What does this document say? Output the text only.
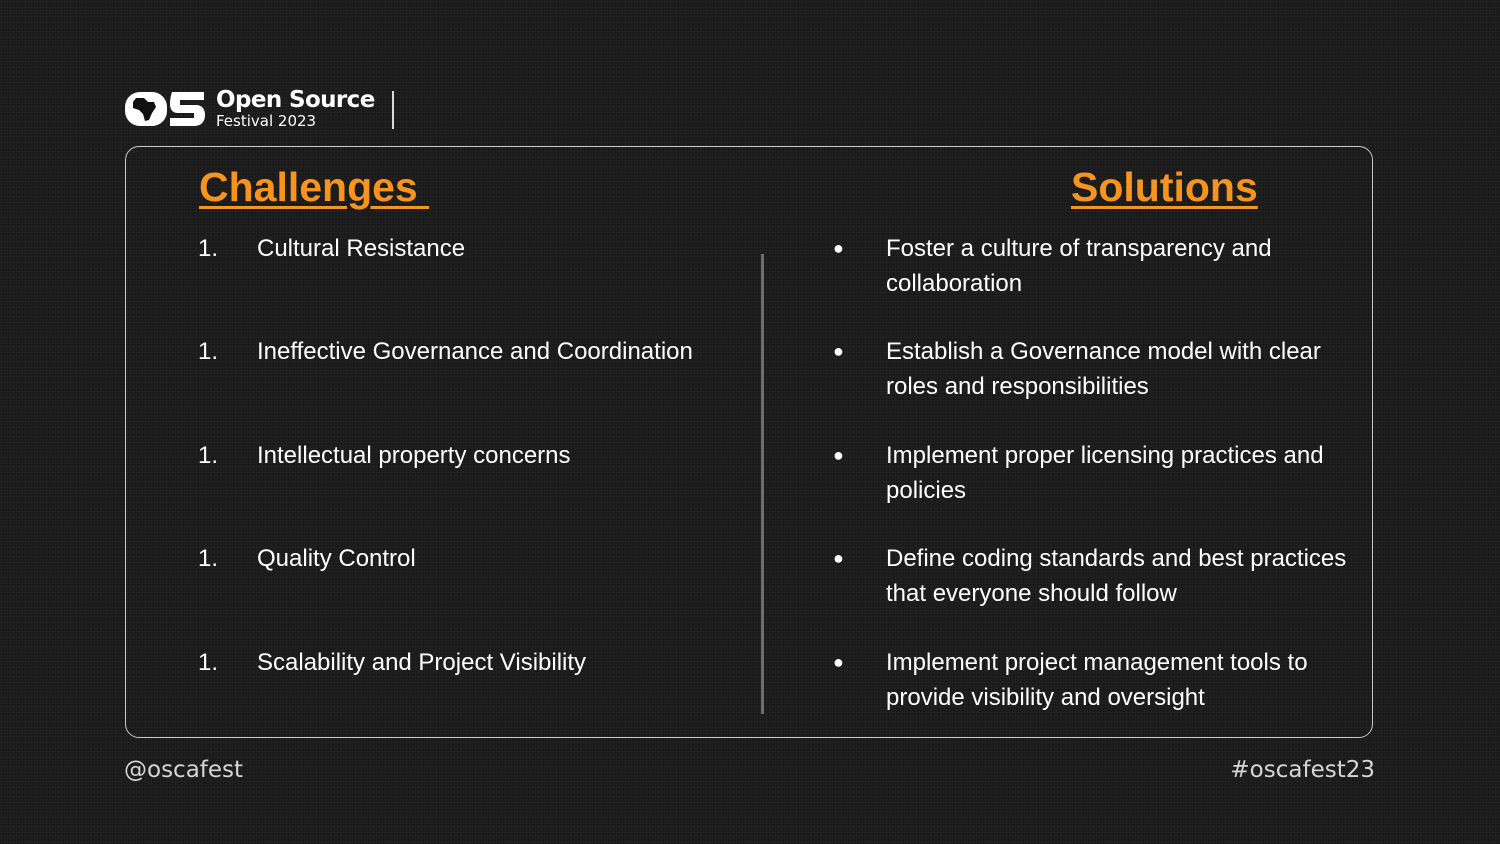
Open Source
Festival 2023
Challenges	Solutions
1. Cultural Resistance
1. Ineffective Governance and Coordination
1. Intellectual property concerns
1. Quality Control
1. Scalability and Project Visibility
● Foster a culture of transparency and collaboration
● Establish a Governance model with clear roles and responsibilities
● Implement proper licensing practices and policies
● Define coding standards and best practices that everyone should follow
● Implement project management tools to provide visibility and oversight
@oscafest	#oscafest23
